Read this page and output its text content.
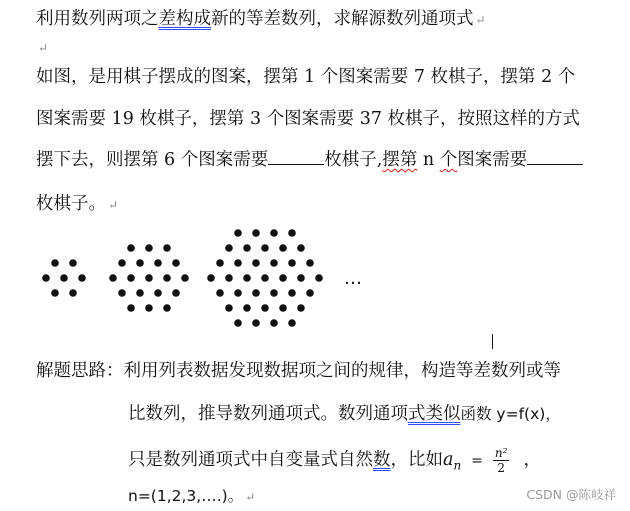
利用数列两项之差构成新的等差数列，求解源数列通项式 ↵
↵
如图，是用棋子摆成的图案，摆第 1 个图案需要 7 枚棋子，摆第 2 个
图案需要 19 枚棋子，摆第 3 个图案需要 37 枚棋子，按照这样的方式
摆下去，则摆第 6 个图案需要	枚棋子,摆第 n 个图案需要
枚棋子。 ↵
…
解题思路：利用列表数据发现数据项之间的规律，构造等差数列或等
比数列，推导数列通项式。数列通项式类似函数 y=f(x)，
只是数列通项式中自变量式自然数，比如$a_n = \frac{\text{n²}}{2}$ ，
n=(1,2,3,….)。 ↵	CSDN @陈岐祥
